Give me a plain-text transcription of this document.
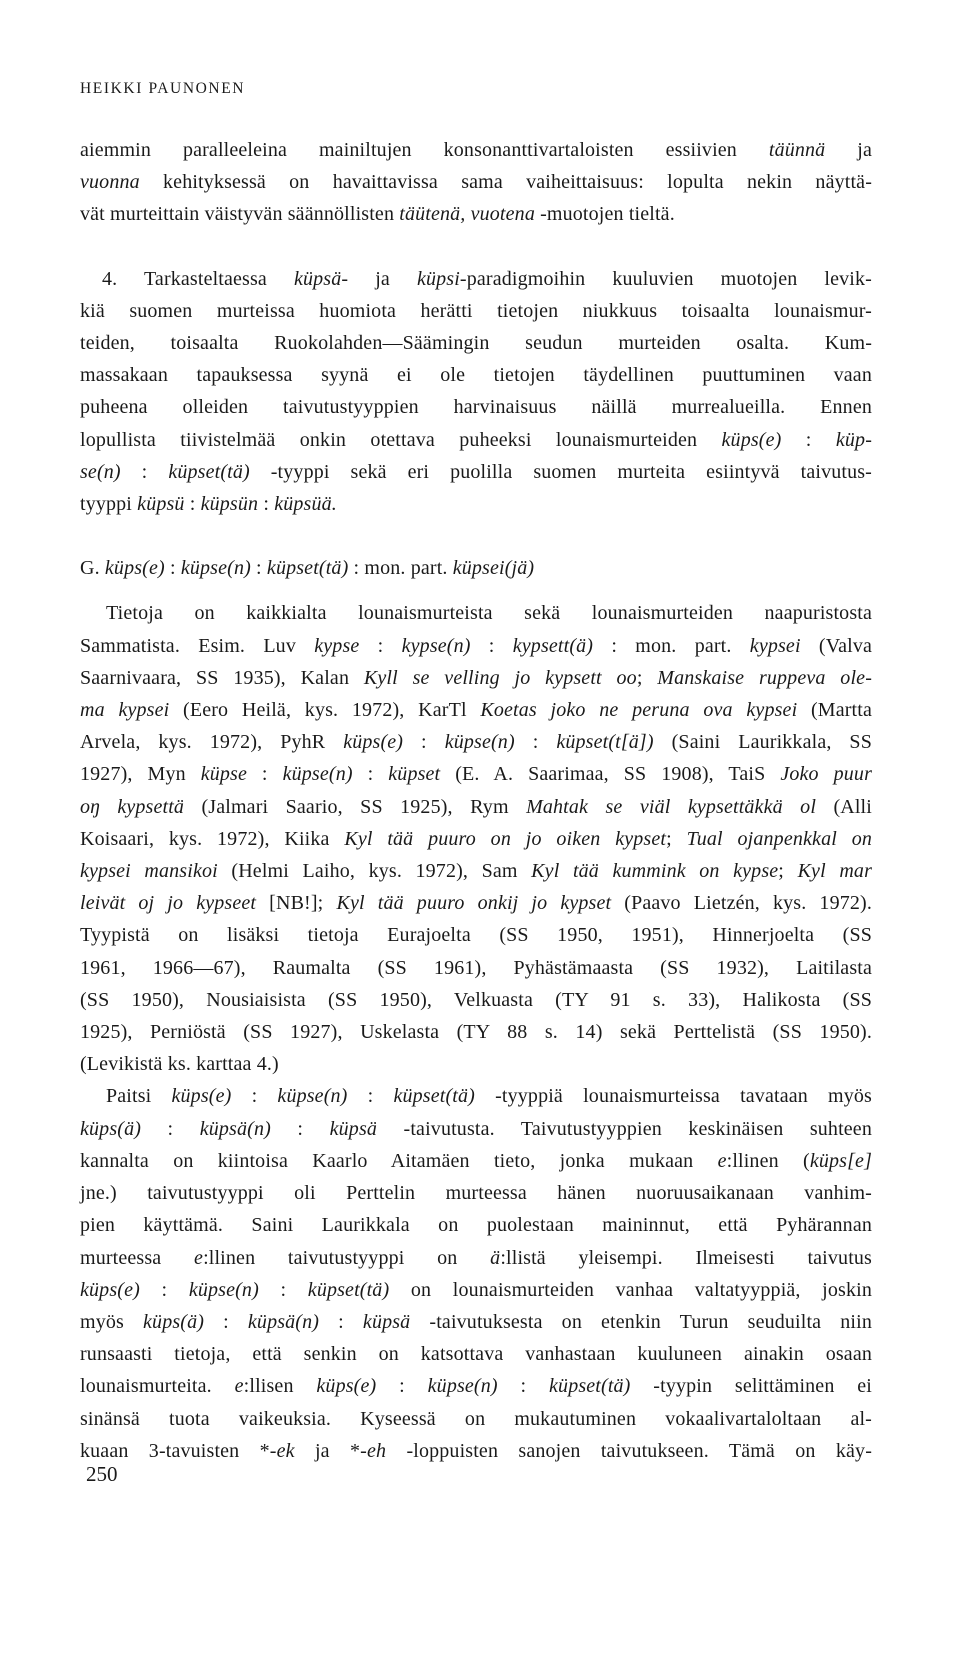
HEIKKI PAUNONEN
aiemmin paralleeleina mainiltujen konsonanttivartaloisten essiivien täünnä ja
vuonna kehityksessä on havaittavissa sama vaiheittaisuus: lopulta nekin näyttä-
vät murteittain väistyvän säännöllisten täütenä, vuotena -muotojen tieltä.
4. Tarkasteltaessa küpsä- ja küpsi-paradigmoihin kuuluvien muotojen levik-
kiä suomen murteissa huomiota herätti tietojen niukkuus toisaalta lounaismur-
teiden, toisaalta Ruokolahden—Säämingin seudun murteiden osalta. Kum-
massakaan tapauksessa syynä ei ole tietojen täydellinen puuttuminen vaan
puheena olleiden taivutustyyppien harvinaisuus näillä murrealueilla. Ennen
lopullista tiivistelmää onkin otettava puheeksi lounaismurteiden küps(e) : küp-
se(n) : küpset(tä) -tyyppi sekä eri puolilla suomen murteita esiintyvä taivutus-
tyyppi küpsü : küpsün : küpsüä.
G. küps(e) : küpse(n) : küpset(tä) : mon. part. küpsei(jä)
Tietoja on kaikkialta lounaismurteista sekä lounaismurteiden naapuristosta
Sammatista. Esim. Luv kypse : kypse(n) : kypsett(ä) : mon. part. kypsei (Valva
Saarnivaara, SS 1935), Kalan Kyll se velling jo kypsett oo; Manskaise ruppeva ole-
ma kypsei (Eero Heilä, kys. 1972), KarTl Koetas joko ne peruna ova kypsei (Martta
Arvela, kys. 1972), PyhR küps(e) : küpse(n) : küpset(t[ä]) (Saini Laurikkala, SS
1927), Myn küpse : küpse(n) : küpset (E. A. Saarimaa, SS 1908), TaiS Joko puur
oŋ kypsettä (Jalmari Saario, SS 1925), Rym Mahtak se viäl kypsettäkkä ol (Alli
Koisaari, kys. 1972), Kiika Kyl tää puuro on jo oiken kypset; Tual ojanpenkkal on
kypsei mansikoi (Helmi Laiho, kys. 1972), Sam Kyl tää kummink on kypse; Kyl mar
leivät oj jo kypseet [NB!]; Kyl tää puuro onkij jo kypset (Paavo Lietzén, kys. 1972).
Tyypistä on lisäksi tietoja Eurajoelta (SS 1950, 1951), Hinnerjoelta (SS
1961, 1966—67), Raumalta (SS 1961), Pyhästämaasta (SS 1932), Laitilasta
(SS 1950), Nousiaisista (SS 1950), Velkuasta (TY 91 s. 33), Halikosta (SS
1925), Perniöstä (SS 1927), Uskelasta (TY 88 s. 14) sekä Perttelistä (SS 1950).
(Levikistä ks. karttaa 4.)
Paitsi küps(e) : küpse(n) : küpset(tä) -tyyppiä lounaismurteissa tavataan myös
küps(ä) : küpsä(n) : küpsä -taivutusta. Taivutustyyppien keskinäisen suhteen
kannalta on kiintoisa Kaarlo Aitamäen tieto, jonka mukaan e:llinen (küps[e]
jne.) taivutustyyppi oli Perttelin murteessa hänen nuoruusaikanaan vanhim-
pien käyttämä. Saini Laurikkala on puolestaan maininnut, että Pyhärannan
murteessa e:llinen taivutustyyppi on ä:llistä yleisempi. Ilmeisesti taivutus
küps(e) : küpse(n) : küpset(tä) on lounaismurteiden vanhaa valtatyyppiä, joskin
myös küps(ä) : küpsä(n) : küpsä -taivutuksesta on etenkin Turun seuduilta niin
runsaasti tietoja, että senkin on katsottava vanhastaan kuuluneen ainakin osaan
lounaismurteita. e:llisen küps(e) : küpse(n) : küpset(tä) -tyypin selittäminen ei
sinänsä tuota vaikeuksia. Kyseessä on mukautuminen vokaalivartaloltaan al-
kuaan 3-tavuisten *-ek ja *-eh -loppuisten sanojen taivutukseen. Tämä on käy-
250
